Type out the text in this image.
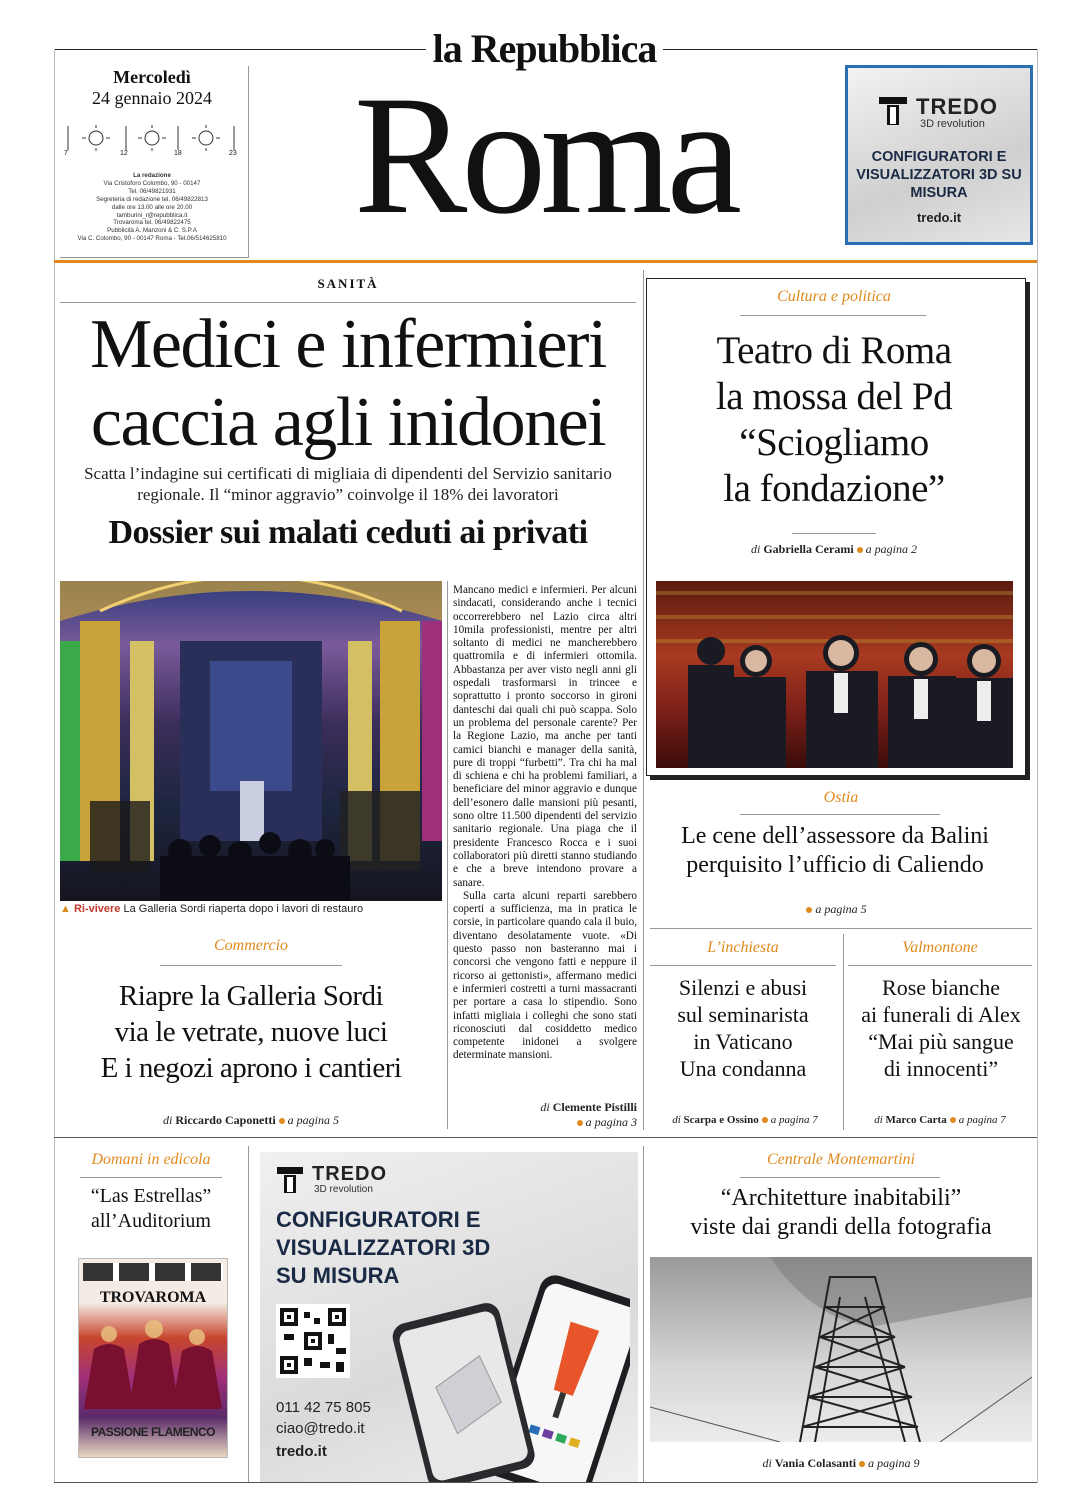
la Repubblica
Mercoledì
24 gennaio 2024
7	12	18	23
La redazione
Via Cristoforo Colombo, 90 - 00147
Tel. 06/49821931
Segreteria di redazione tel. 06/49822813
dalle ore 13.00 alle ore 20.00
tamburini_r@repubblica.it
Trovaroma tel. 06/49822475
Pubblicità A. Manzoni & C. S.P.A
Via C. Colombo, 90 - 00147 Roma - Tel.06/514625810 Roma	TREDO
3D revolution
CONFIGURATORI E VISUALIZZATORI 3D SU MISURA
tredo.it
SANITÀ
Medici e infermieri
caccia agli inidonei
Scatta l’indagine sui certificati di migliaia di dipendenti del Servizio sanitario regionale. Il “minor aggravio” coinvolge il 18% dei lavoratori
Dossier sui malati ceduti ai privati
▲ Ri-vivere La Galleria Sordi riaperta dopo i lavori di restauro

Mancano medici e infermieri. Per alcuni sindacati, considerando anche i tecnici occorrerebbero nel Lazio circa altri 10mila professionisti, mentre per altri soltanto di medici ne mancherebbero quattromila e di infermieri ottomila. Abbastanza per aver visto negli anni gli ospedali trasformarsi in trincee e soprattutto i pronto soccorso in gironi danteschi dai quali chi può scappa. Solo un problema del personale carente? Per la Regione Lazio, ma anche per tanti camici bianchi e manager della sanità, pure di troppi “furbetti”. Tra chi ha mal di schiena e chi ha problemi familiari, a beneficiare del minor aggravio e dunque dell’esonero dalle mansioni più pesanti, sono oltre 11.500 dipendenti del servizio sanitario regionale. Una piaga che il presidente Francesco Rocca e i suoi collaboratori più diretti stanno studiando e che a breve intendono provare a sanare.

Sulla carta alcuni reparti sarebbero coperti a sufficienza, ma in pratica le corsie, in particolare quando cala il buio, diventano desolatamente vuote. «Di questo passo non basteranno mai i concorsi che vengono fatti e neppure il ricorso ai gettonisti», affermano medici e infermieri costretti a turni massacranti per portare a casa lo stipendio. Sono infatti migliaia i colleghi che sono stati riconosciuti dal cosiddetto medico competente inidonei a svolgere determinate mansioni.

di Clemente Pistilli
a pagina 3
Commercio
Riapre la Galleria Sordi
via le vetrate, nuove luci
E i negozi aprono i cantieri
di Riccardo Caponetti a pagina 5
Cultura e politica
Teatro di Roma
la mossa del Pd
“Sciogliamo
la fondazione”
di Gabriella Cerami a pagina 2
Ostia
Le cene dell’assessore da Balini
perquisito l’ufficio di Caliendo
a pagina 5
L’inchiesta
Silenzi e abusi
sul seminarista
in Vaticano
Una condanna
di Scarpa e Ossino a pagina 7
Valmontone
Rose bianche
ai funerali di Alex
“Mai più sangue
di innocenti”
di Marco Carta a pagina 7
Domani in edicola
“Las Estrellas”
all’Auditorium
TROVAROMA
PASSIONE FLAMENCO
TREDO
3D revolution
CONFIGURATORI E
VISUALIZZATORI 3D
SU MISURA
011 42 75 805
ciao@tredo.it
tredo.it
Centrale Montemartini
“Architetture inabitabili”
viste dai grandi della fotografia
di Vania Colasanti a pagina 9
